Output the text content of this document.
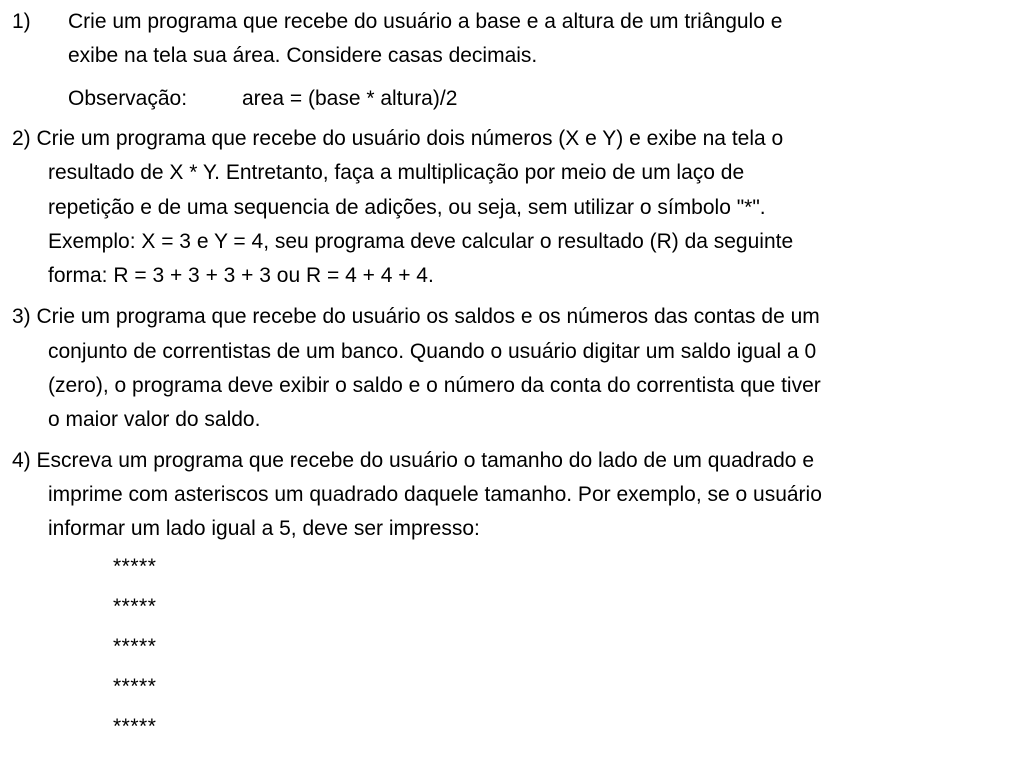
1) Crie um programa que recebe do usuário a base e a altura de um triângulo e
exibe na tela sua área. Considere casas decimais.
Observação:	area = (base * altura)/2
2) Crie um programa que recebe do usuário dois números (X e Y) e exibe na tela o
resultado de X * Y. Entretanto, faça a multiplicação por meio de um laço de
repetição e de uma sequencia de adições, ou seja, sem utilizar o símbolo "*".
Exemplo: X = 3 e Y = 4, seu programa deve calcular o resultado (R) da seguinte
forma: R = 3 + 3 + 3 + 3 ou R = 4 + 4 + 4.
3) Crie um programa que recebe do usuário os saldos e os números das contas de um
conjunto de correntistas de um banco. Quando o usuário digitar um saldo igual a 0
(zero), o programa deve exibir o saldo e o número da conta do correntista que tiver
o maior valor do saldo.
4) Escreva um programa que recebe do usuário o tamanho do lado de um quadrado e
imprime com asteriscos um quadrado daquele tamanho. Por exemplo, se o usuário
informar um lado igual a 5, deve ser impresso:
*****
*****
*****
*****
*****
